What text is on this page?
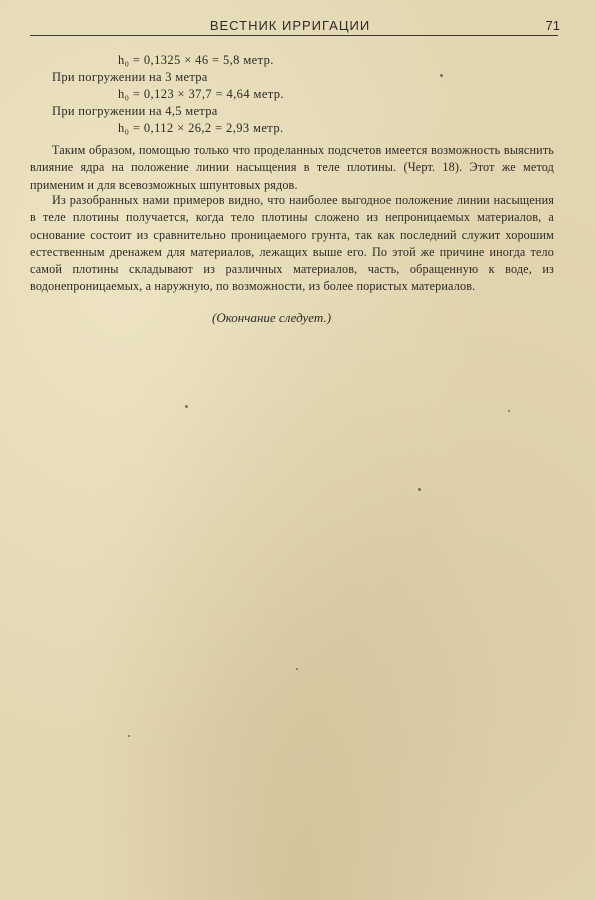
ВЕСТНИК ИРРИГАЦИИ	71
h₀ = 0,1325 × 46 = 5,8 метр.
При погружении на 3 метра
h₀ = 0,123 × 37,7 = 4,64 метр.
При погружении на 4,5 метра
h₀ = 0,112 × 26,2 = 2,93 метр.

Таким образом, помощью только что проделанных подсчетов имеется возможность выяснить влияние ядра на положение линии насыщения в теле плотины. (Черт. 18). Этот же метод применим и для всевозможных шпунтовых рядов.

Из разобранных нами примеров видно, что наиболее выгодное положение линии насыщения в теле плотины получается, когда тело плотины сложено из непроницаемых материалов, а основание состоит из сравнительно проницаемого грунта, так как последний служит хорошим естественным дренажем для материалов, лежащих выше его. По этой же причине иногда тело самой плотины складывают из различных материалов, часть, обращенную к воде, из водонепроницаемых, а наружную, по возможности, из более пористых материалов.

(Окончание следует.)
